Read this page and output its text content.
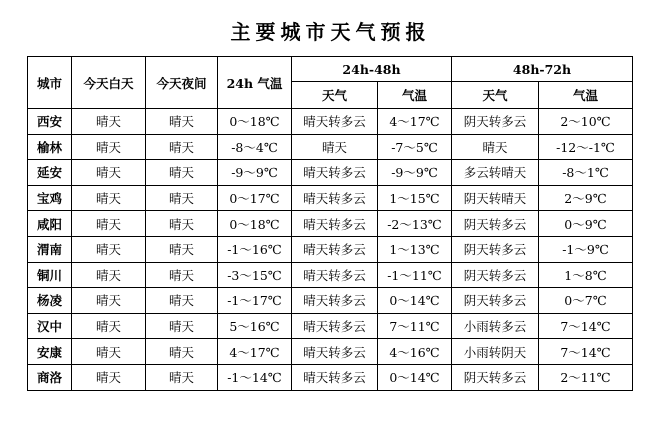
主要城市天气预报
城市	今天白天	今天夜间	24h 气温	24h-48h		48h-72h	
				天气	气温	天气	气温
西安	晴天	晴天	0～18℃	晴天转多云	4～17℃	阴天转多云	2～10℃
榆林	晴天	晴天	-8～4℃	晴天	-7～5℃	晴天	-12～-1℃
延安	晴天	晴天	-9～9℃	晴天转多云	-9～9℃	多云转晴天	-8～1℃
宝鸡	晴天	晴天	0～17℃	晴天转多云	1～15℃	阴天转晴天	2～9℃
咸阳	晴天	晴天	0～18℃	晴天转多云	-2～13℃	阴天转多云	0～9℃
渭南	晴天	晴天	-1～16℃	晴天转多云	1～13℃	阴天转多云	-1～9℃
铜川	晴天	晴天	-3～15℃	晴天转多云	-1～11℃	阴天转多云	1～8℃
杨凌	晴天	晴天	-1～17℃	晴天转多云	0～14℃	阴天转多云	0～7℃
汉中	晴天	晴天	5～16℃	晴天转多云	7～11℃	小雨转多云	7～14℃
安康	晴天	晴天	4～17℃	晴天转多云	4～16℃	小雨转阴天	7～14℃
商洛	晴天	晴天	-1～14℃	晴天转多云	0～14℃	阴天转多云	2～11℃
